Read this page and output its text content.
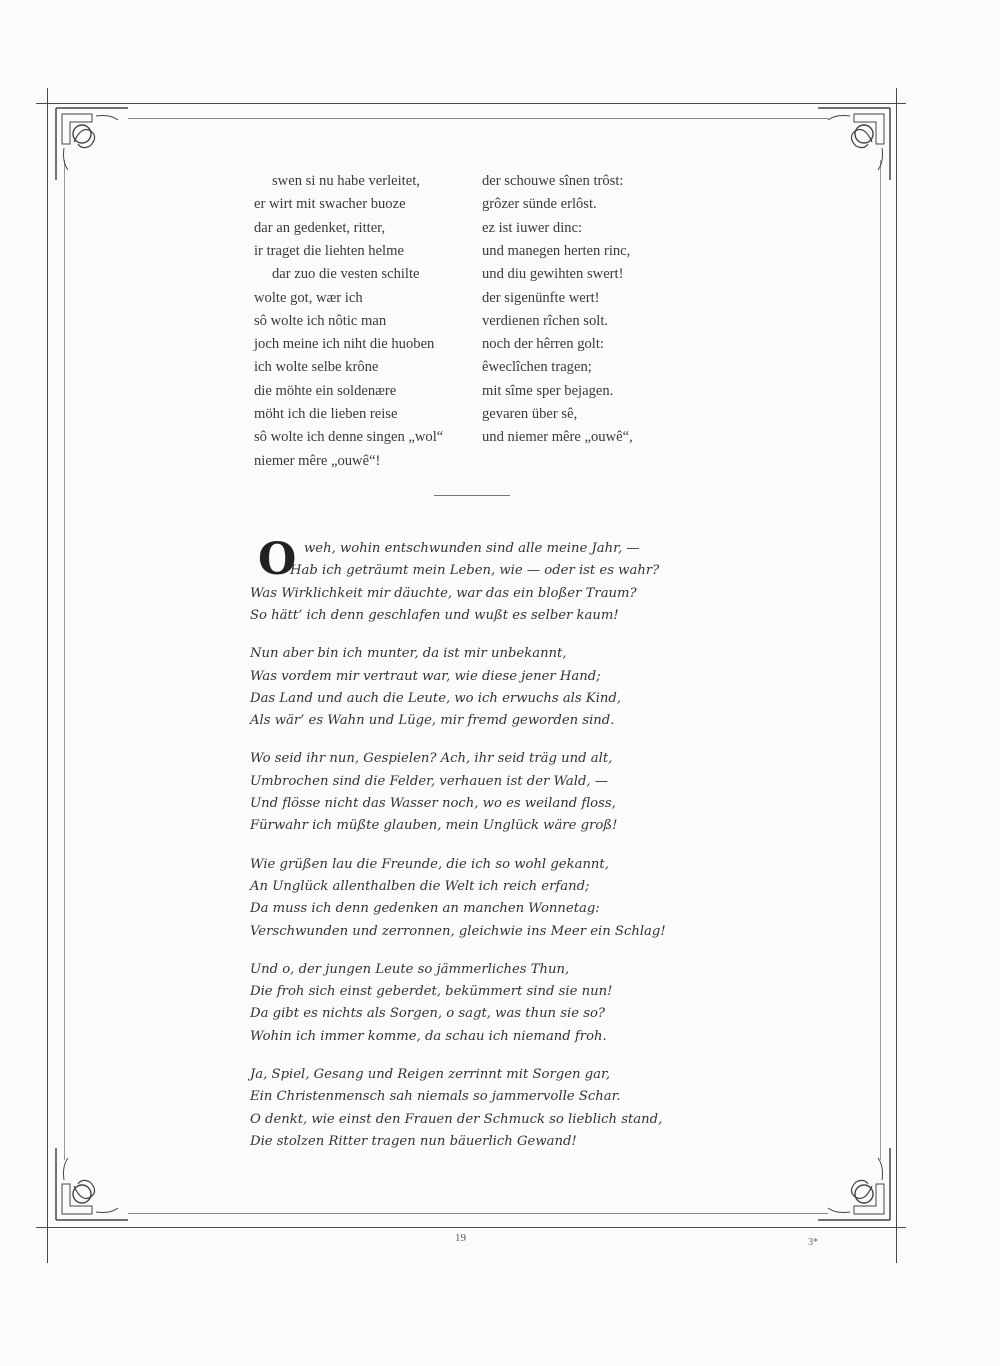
swen si nu habe verleitet,	der schouwe sînen trôst:
er wirt mit swacher buoze	grôzer sünde erlôst.
dar an gedenket, ritter,	ez ist iuwer dinc:
ir traget die liehten helme	und manegen herten rinc,
dar zuo die vesten schilte	und diu gewihten swert!
wolte got, wær ich	der sigenünfte wert!
sô wolte ich nôtic man	verdienen rîchen solt.
joch meine ich niht die huoben	noch der hêrren golt:
ich wolte selbe krône	êweclîchen tragen;
die möhte ein soldenære	mit sîme sper bejagen.
möht ich die lieben reise	gevaren über sê,
sô wolte ich denne singen „wol“	und niemer mêre „ouwê“,
niemer mêre „ouwê“!
O weh, wohin entschwunden sind alle meine Jahr, —
Hab ich geträumt mein Leben, wie — oder ist es wahr?
Was Wirklichkeit mir däuchte, war das ein bloßer Traum?
So hätt’ ich denn geschlafen und wußt es selber kaum!
Nun aber bin ich munter, da ist mir unbekannt,
Was vordem mir vertraut war, wie diese jener Hand;
Das Land und auch die Leute, wo ich erwuchs als Kind,
Als wär’ es Wahn und Lüge, mir fremd geworden sind.
Wo seid ihr nun, Gespielen? Ach, ihr seid träg und alt,
Umbrochen sind die Felder, verhauen ist der Wald, —
Und flösse nicht das Wasser noch, wo es weiland floss,
Fürwahr ich müßte glauben, mein Unglück wäre groß!
Wie grüßen lau die Freunde, die ich so wohl gekannt,
An Unglück allenthalben die Welt ich reich erfand;
Da muss ich denn gedenken an manchen Wonnetag:
Verschwunden und zerronnen, gleichwie ins Meer ein Schlag!
Und o, der jungen Leute so jämmerliches Thun,
Die froh sich einst geberdet, bekümmert sind sie nun!
Da gibt es nichts als Sorgen, o sagt, was thun sie so?
Wohin ich immer komme, da schau ich niemand froh.
Ja, Spiel, Gesang und Reigen zerrinnt mit Sorgen gar,
Ein Christenmensch sah niemals so jammervolle Schar.
O denkt, wie einst den Frauen der Schmuck so lieblich stand,
Die stolzen Ritter tragen nun bäuerlich Gewand!
19	3*
